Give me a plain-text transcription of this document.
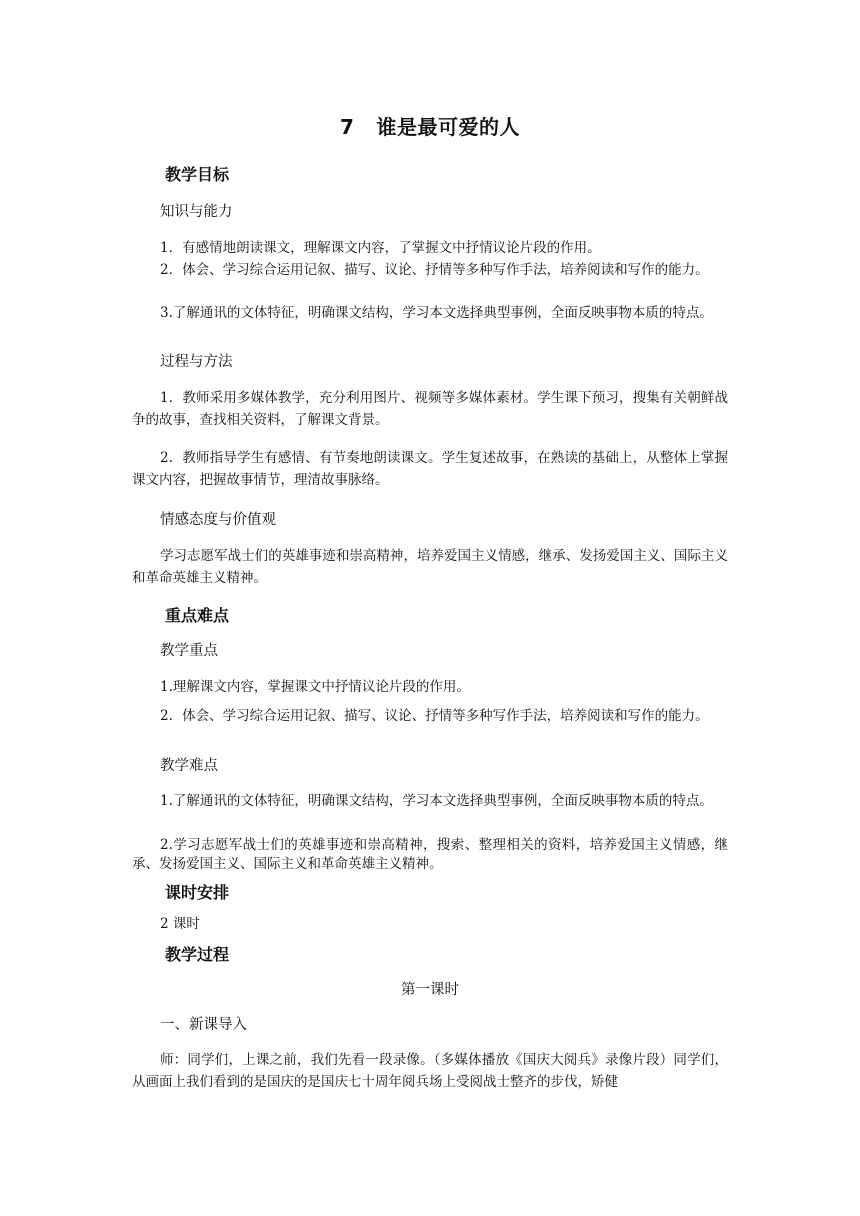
7 谁是最可爱的人
教学目标
知识与能力

1．有感情地朗读课文，理解课文内容，了掌握文中抒情议论片段的作用。

2．体会、学习综合运用记叙、描写、议论、抒情等多种写作手法，培养阅读和写作的能力。

3.了解通讯的文体特征，明确课文结构，学习本文选择典型事例，全面反映事物本质的特点。

过程与方法

1．教师采用多媒体教学，充分利用图片、视频等多媒体素材。学生课下预习，搜集有关朝鲜战争的故事，查找相关资料，了解课文背景。

2．教师指导学生有感情、有节奏地朗读课文。学生复述故事，在熟读的基础上，从整体上掌握课文内容，把握故事情节，理清故事脉络。

情感态度与价值观

学习志愿军战士们的英雄事迹和崇高精神，培养爱国主义情感，继承、发扬爱国主义、国际主义和革命英雄主义精神。

重点难点
教学重点

1.理解课文内容，掌握课文中抒情议论片段的作用。

2．体会、学习综合运用记叙、描写、议论、抒情等多种写作手法，培养阅读和写作的能力。

教学难点

1.了解通讯的文体特征，明确课文结构，学习本文选择典型事例，全面反映事物本质的特点。

2.学习志愿军战士们的英雄事迹和崇高精神，搜索、整理相关的资料，培养爱国主义情感，继承、发扬爱国主义、国际主义和革命英雄主义精神。

课时安排

2 课时

教学过程
第一课时
一、新课导入

师：同学们，上课之前，我们先看一段录像。（多媒体播放《国庆大阅兵》录像片段）同学们，从画面上我们看到的是国庆的是国庆七十周年阅兵场上受阅战士整齐的步伐，矫健
